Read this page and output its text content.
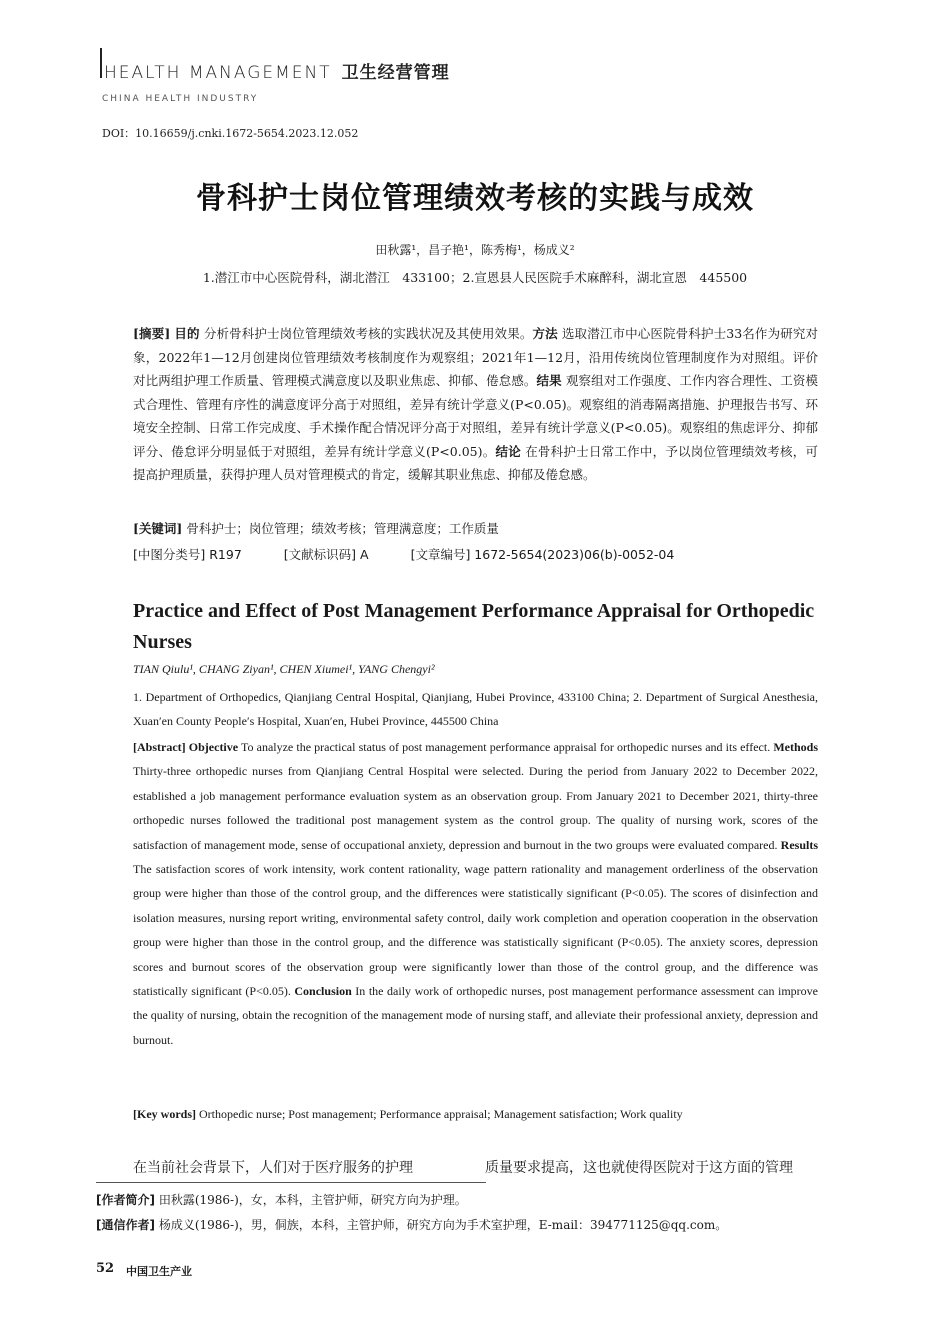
HEALTH MANAGEMENT 卫生经营管理
CHINA HEALTH INDUSTRY
DOI：10.16659/j.cnki.1672-5654.2023.12.052
骨科护士岗位管理绩效考核的实践与成效
田秋露¹，昌子艳¹，陈秀梅¹，杨成义²
1.潜江市中心医院骨科，湖北潜江　433100；2.宣恩县人民医院手术麻醉科，湖北宣恩　445500
[摘要] 目的 分析骨科护士岗位管理绩效考核的实践状况及其使用效果。方法 选取潜江市中心医院骨科护士33名作为研究对象，2022年1—12月创建岗位管理绩效考核制度作为观察组；2021年1—12月，沿用传统岗位管理制度作为对照组。评价对比两组护理工作质量、管理模式满意度以及职业焦虑、抑郁、倦怠感。结果 观察组对工作强度、工作内容合理性、工资模式合理性、管理有序性的满意度评分高于对照组，差异有统计学意义(P<0.05)。观察组的消毒隔离措施、护理报告书写、环境安全控制、日常工作完成度、手术操作配合情况评分高于对照组，差异有统计学意义(P<0.05)。观察组的焦虑评分、抑郁评分、倦怠评分明显低于对照组，差异有统计学意义(P<0.05)。结论 在骨科护士日常工作中，予以岗位管理绩效考核，可提高护理质量，获得护理人员对管理模式的肯定，缓解其职业焦虑、抑郁及倦怠感。
[关键词] 骨科护士；岗位管理；绩效考核；管理满意度；工作质量
[中图分类号] R197	[文献标识码] A	[文章编号] 1672-5654(2023)06(b)-0052-04
Practice and Effect of Post Management Performance Appraisal for Orthopedic Nurses
TIAN Qiulu¹, CHANG Ziyan¹, CHEN Xiumei¹, YANG Chengyi²
1. Department of Orthopedics, Qianjiang Central Hospital, Qianjiang, Hubei Province, 433100 China; 2. Department of Surgical Anesthesia, Xuan′en County People′s Hospital, Xuan′en, Hubei Province, 445500 China
[Abstract] Objective To analyze the practical status of post management performance appraisal for orthopedic nurses and its effect. Methods Thirty-three orthopedic nurses from Qianjiang Central Hospital were selected. During the period from January 2022 to December 2022, established a job management performance evaluation system as an observation group. From January 2021 to December 2021, thirty-three orthopedic nurses followed the traditional post management system as the control group. The quality of nursing work, scores of the satisfaction of management mode, sense of occupational anxiety, depression and burnout in the two groups were evaluated compared. Results The satisfaction scores of work intensity, work content rationality, wage pattern rationality and management orderliness of the observation group were higher than those of the control group, and the differences were statistically significant (P<0.05). The scores of disinfection and isolation measures, nursing report writing, environmental safety control, daily work completion and operation cooperation in the observation group were higher than those in the control group, and the difference was statistically significant (P<0.05). The anxiety scores, depression scores and burnout scores of the observation group were significantly lower than those of the control group, and the difference was statistically significant (P<0.05). Conclusion In the daily work of orthopedic nurses, post management performance assessment can improve the quality of nursing, obtain the recognition of the management mode of nursing staff, and alleviate their professional anxiety, depression and burnout.
[Key words] Orthopedic nurse; Post management; Performance appraisal; Management satisfaction; Work quality
在当前社会背景下，人们对于医疗服务的护理	质量要求提高，这也就使得医院对于这方面的管理
[作者简介] 田秋露(1986-)，女，本科，主管护师，研究方向为护理。
[通信作者] 杨成义(1986-)，男，侗族，本科，主管护师，研究方向为手术室护理，E-mail：394771125@qq.com。
52 中国卫生产业
